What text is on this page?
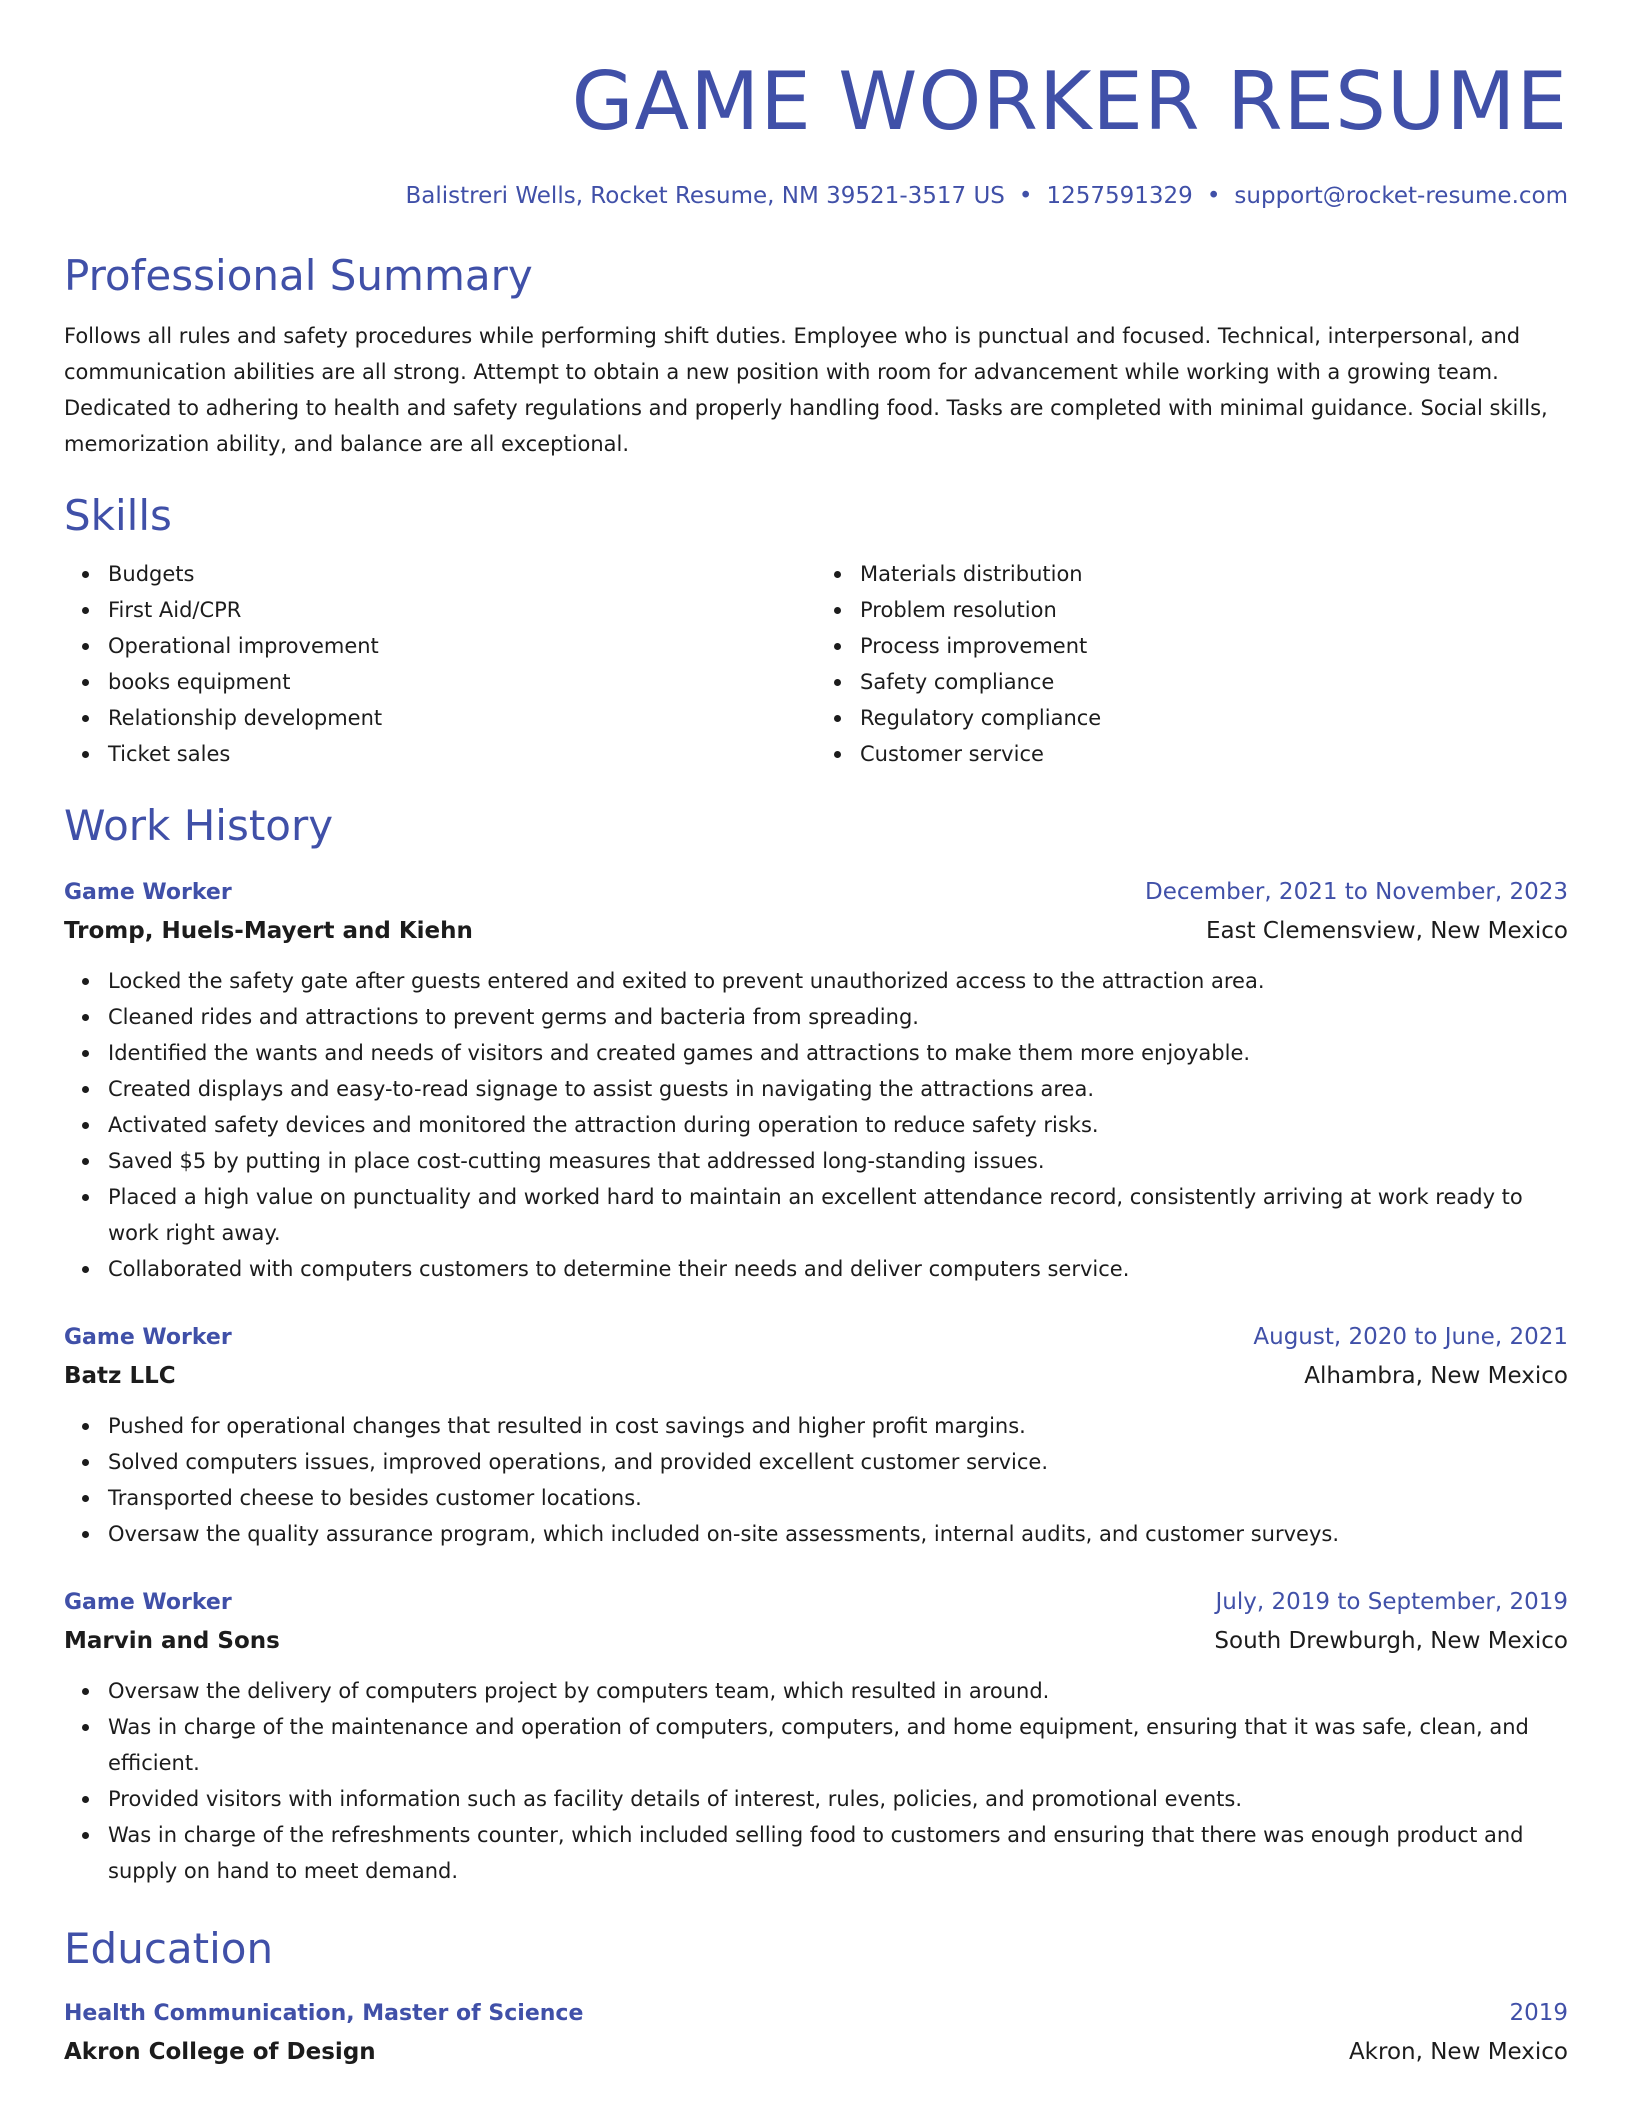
GAME WORKER RESUME
Balistreri Wells, Rocket Resume, NM 39521-3517 US • 1257591329 • support@rocket-resume.com
Professional Summary
Follows all rules and safety procedures while performing shift duties. Employee who is punctual and focused. Technical, interpersonal, and communication abilities are all strong. Attempt to obtain a new position with room for advancement while working with a growing team. Dedicated to adhering to health and safety regulations and properly handling food. Tasks are completed with minimal guidance. Social skills, memorization ability, and balance are all exceptional.
Skills
Budgets
First Aid/CPR
Operational improvement
books equipment
Relationship development
Ticket sales
Materials distribution
Problem resolution
Process improvement
Safety compliance
Regulatory compliance
Customer service
Work History
Game Worker	December, 2021 to November, 2023
Tromp, Huels-Mayert and Kiehn	East Clemensview, New Mexico
Locked the safety gate after guests entered and exited to prevent unauthorized access to the attraction area.
Cleaned rides and attractions to prevent germs and bacteria from spreading.
Identified the wants and needs of visitors and created games and attractions to make them more enjoyable.
Created displays and easy-to-read signage to assist guests in navigating the attractions area.
Activated safety devices and monitored the attraction during operation to reduce safety risks.
Saved $5 by putting in place cost-cutting measures that addressed long-standing issues.
Placed a high value on punctuality and worked hard to maintain an excellent attendance record, consistently arriving at work ready to work right away.
Collaborated with computers customers to determine their needs and deliver computers service.
Game Worker	August, 2020 to June, 2021
Batz LLC	Alhambra, New Mexico
Pushed for operational changes that resulted in cost savings and higher profit margins.
Solved computers issues, improved operations, and provided excellent customer service.
Transported cheese to besides customer locations.
Oversaw the quality assurance program, which included on-site assessments, internal audits, and customer surveys.
Game Worker	July, 2019 to September, 2019
Marvin and Sons	South Drewburgh, New Mexico
Oversaw the delivery of computers project by computers team, which resulted in around.
Was in charge of the maintenance and operation of computers, computers, and home equipment, ensuring that it was safe, clean, and efficient.
Provided visitors with information such as facility details of interest, rules, policies, and promotional events.
Was in charge of the refreshments counter, which included selling food to customers and ensuring that there was enough product and supply on hand to meet demand.
Education
Health Communication, Master of Science	2019
Akron College of Design	Akron, New Mexico
